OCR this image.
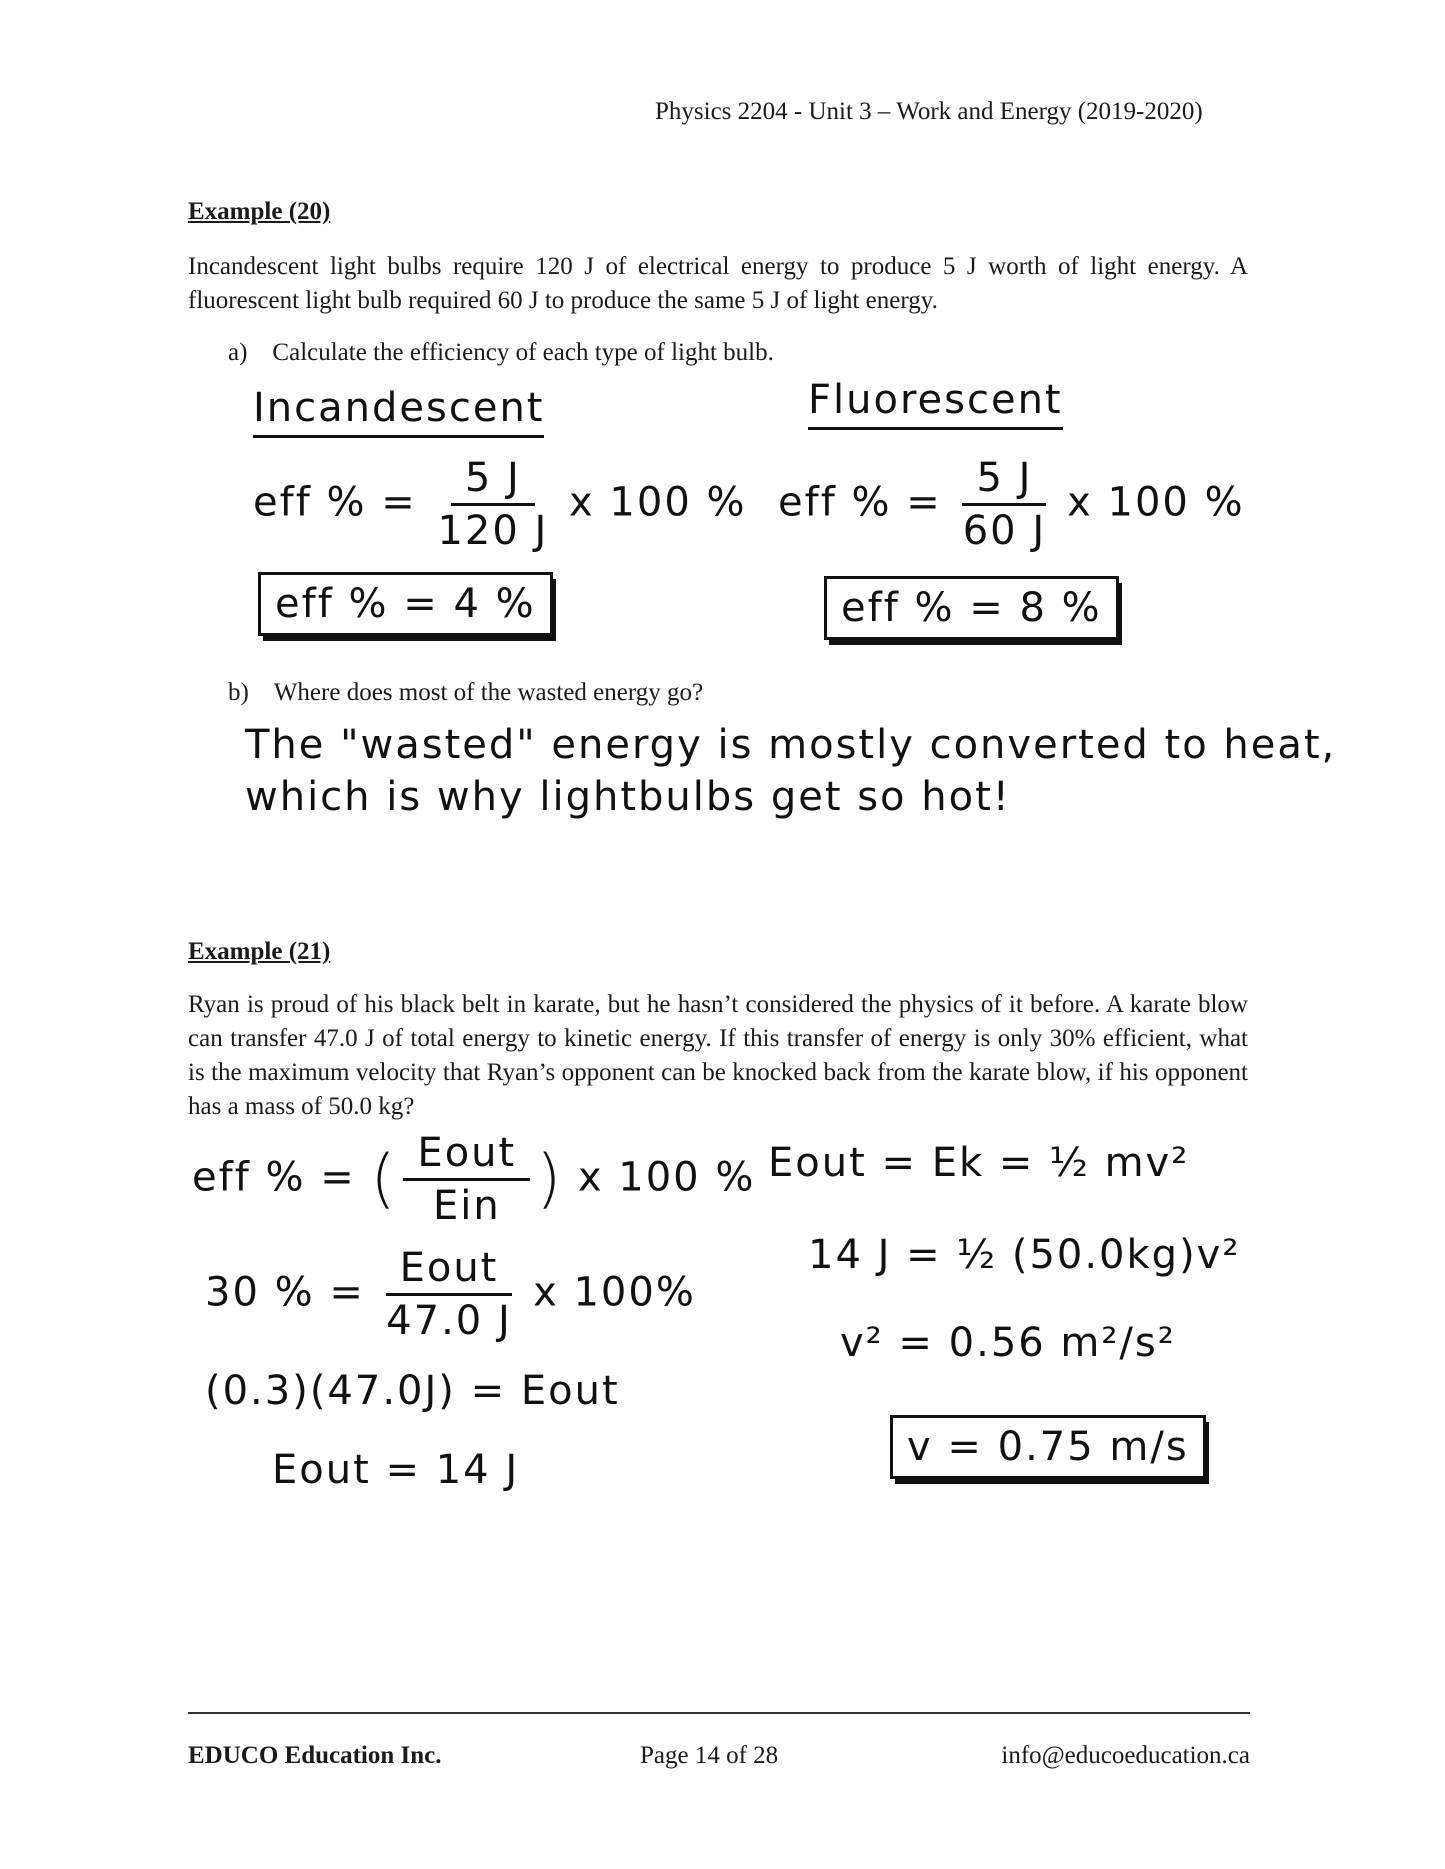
Physics 2204 - Unit 3 – Work and Energy (2019-2020)
Example (20)
Incandescent light bulbs require 120 J of electrical energy to produce 5 J worth of light energy. A fluorescent light bulb required 60 J to produce the same 5 J of light energy.
a) Calculate the efficiency of each type of light bulb.
Incandescent	Fluorescent
eff % = $\frac{5 J}{120 J}$ x 100 % eff % = $\frac{5 J}{60 J}$ x 100 %
eff % = 4 %	eff % = 8 %
b) Where does most of the wasted energy go?
The "wasted" energy is mostly converted to heat,
which is why lightbulbs get so hot!
Example (21)
Ryan is proud of his black belt in karate, but he hasn’t considered the physics of it before. A karate blow can transfer 47.0 J of total energy to kinetic energy. If this transfer of energy is only 30% efficient, what is the maximum velocity that Ryan’s opponent can be knocked back from the karate blow, if his opponent has a mass of 50.0 kg?
eff % = ( $\frac{\text{Eout}}{\text{Ein}}$ ) x 100 %
30 % = $\frac{\text{Eout}}{47.0 J}$ x 100%
(0.3)(47.0J) = Eout
Eout = 14 J
Eout = Ek = ½ mv²
14 J = ½ (50.0kg)v²
v² = 0.56 m²/s²
v = 0.75 m/s
EDUCO Education Inc.	Page 14 of 28	info@educoeducation.ca
